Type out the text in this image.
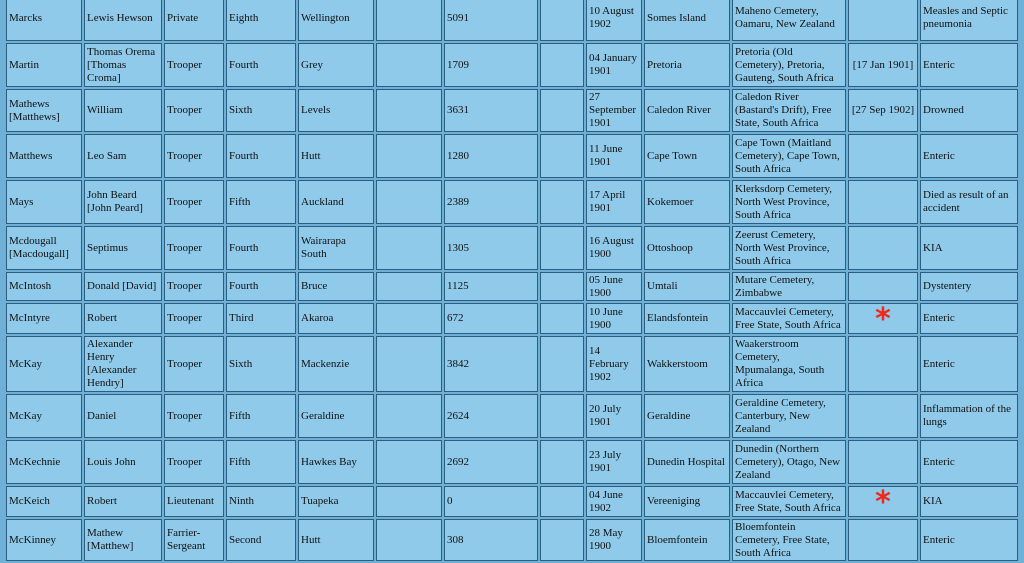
Marcks	Lewis Hewson	Private	Eighth	Wellington		5091		10 August 1902	Somes Island	Maheno Cemetery, Oamaru, New Zealand		Measles and Septic pneumonia
Martin	Thomas Orema [Thomas Croma]	Trooper	Fourth	Grey		1709		04 January 1901	Pretoria	Pretoria (Old Cemetery), Pretoria, Gauteng, South Africa	[17 Jan 1901]	Enteric
Mathews [Matthews]	William	Trooper	Sixth	Levels		3631		27 September 1901	Caledon River	Caledon River (Bastard's Drift), Free State, South Africa	[27 Sep 1902]	Drowned
Matthews	Leo Sam	Trooper	Fourth	Hutt		1280		11 June 1901	Cape Town	Cape Town (Maitland Cemetery), Cape Town, South Africa		Enteric
Mays	John Beard [John Peard]	Trooper	Fifth	Auckland		2389		17 April 1901	Kokemoer	Klerksdorp Cemetery, North West Province, South Africa		Died as result of an accident
Mcdougall [Macdougall]	Septimus	Trooper	Fourth	Wairarapa South		1305		16 August 1900	Ottoshoop	Zeerust Cemetery, North West Province, South Africa		KIA
McIntosh	Donald [David]	Trooper	Fourth	Bruce		1125		05 June 1900	Umtali	Mutare Cemetery, Zimbabwe		Dystentery
McIntyre	Robert	Trooper	Third	Akaroa		672		10 June 1900	Elandsfontein	Maccauvlei Cemetery, Free State, South Africa	*	Enteric
McKay	Alexander Henry [Alexander Hendry]	Trooper	Sixth	Mackenzie		3842		14 February 1902	Wakkerstoom	Waakerstroom Cemetery, Mpumalanga, South Africa		Enteric
McKay	Daniel	Trooper	Fifth	Geraldine		2624		20 July 1901	Geraldine	Geraldine Cemetery, Canterbury, New Zealand		Inflammation of the lungs
McKechnie	Louis John	Trooper	Fifth	Hawkes Bay		2692		23 July 1901	Dunedin Hospital	Dunedin (Northern Cemetery), Otago, New Zealand		Enteric
McKeich	Robert	Lieutenant	Ninth	Tuapeka		0		04 June 1902	Vereeniging	Maccauvlei Cemetery, Free State, South Africa	*	KIA
McKinney	Mathew [Matthew]	Farrier-Sergeant	Second	Hutt		308		28 May 1900	Bloemfontein	Bloemfontein Cemetery, Free State, South Africa		Enteric
